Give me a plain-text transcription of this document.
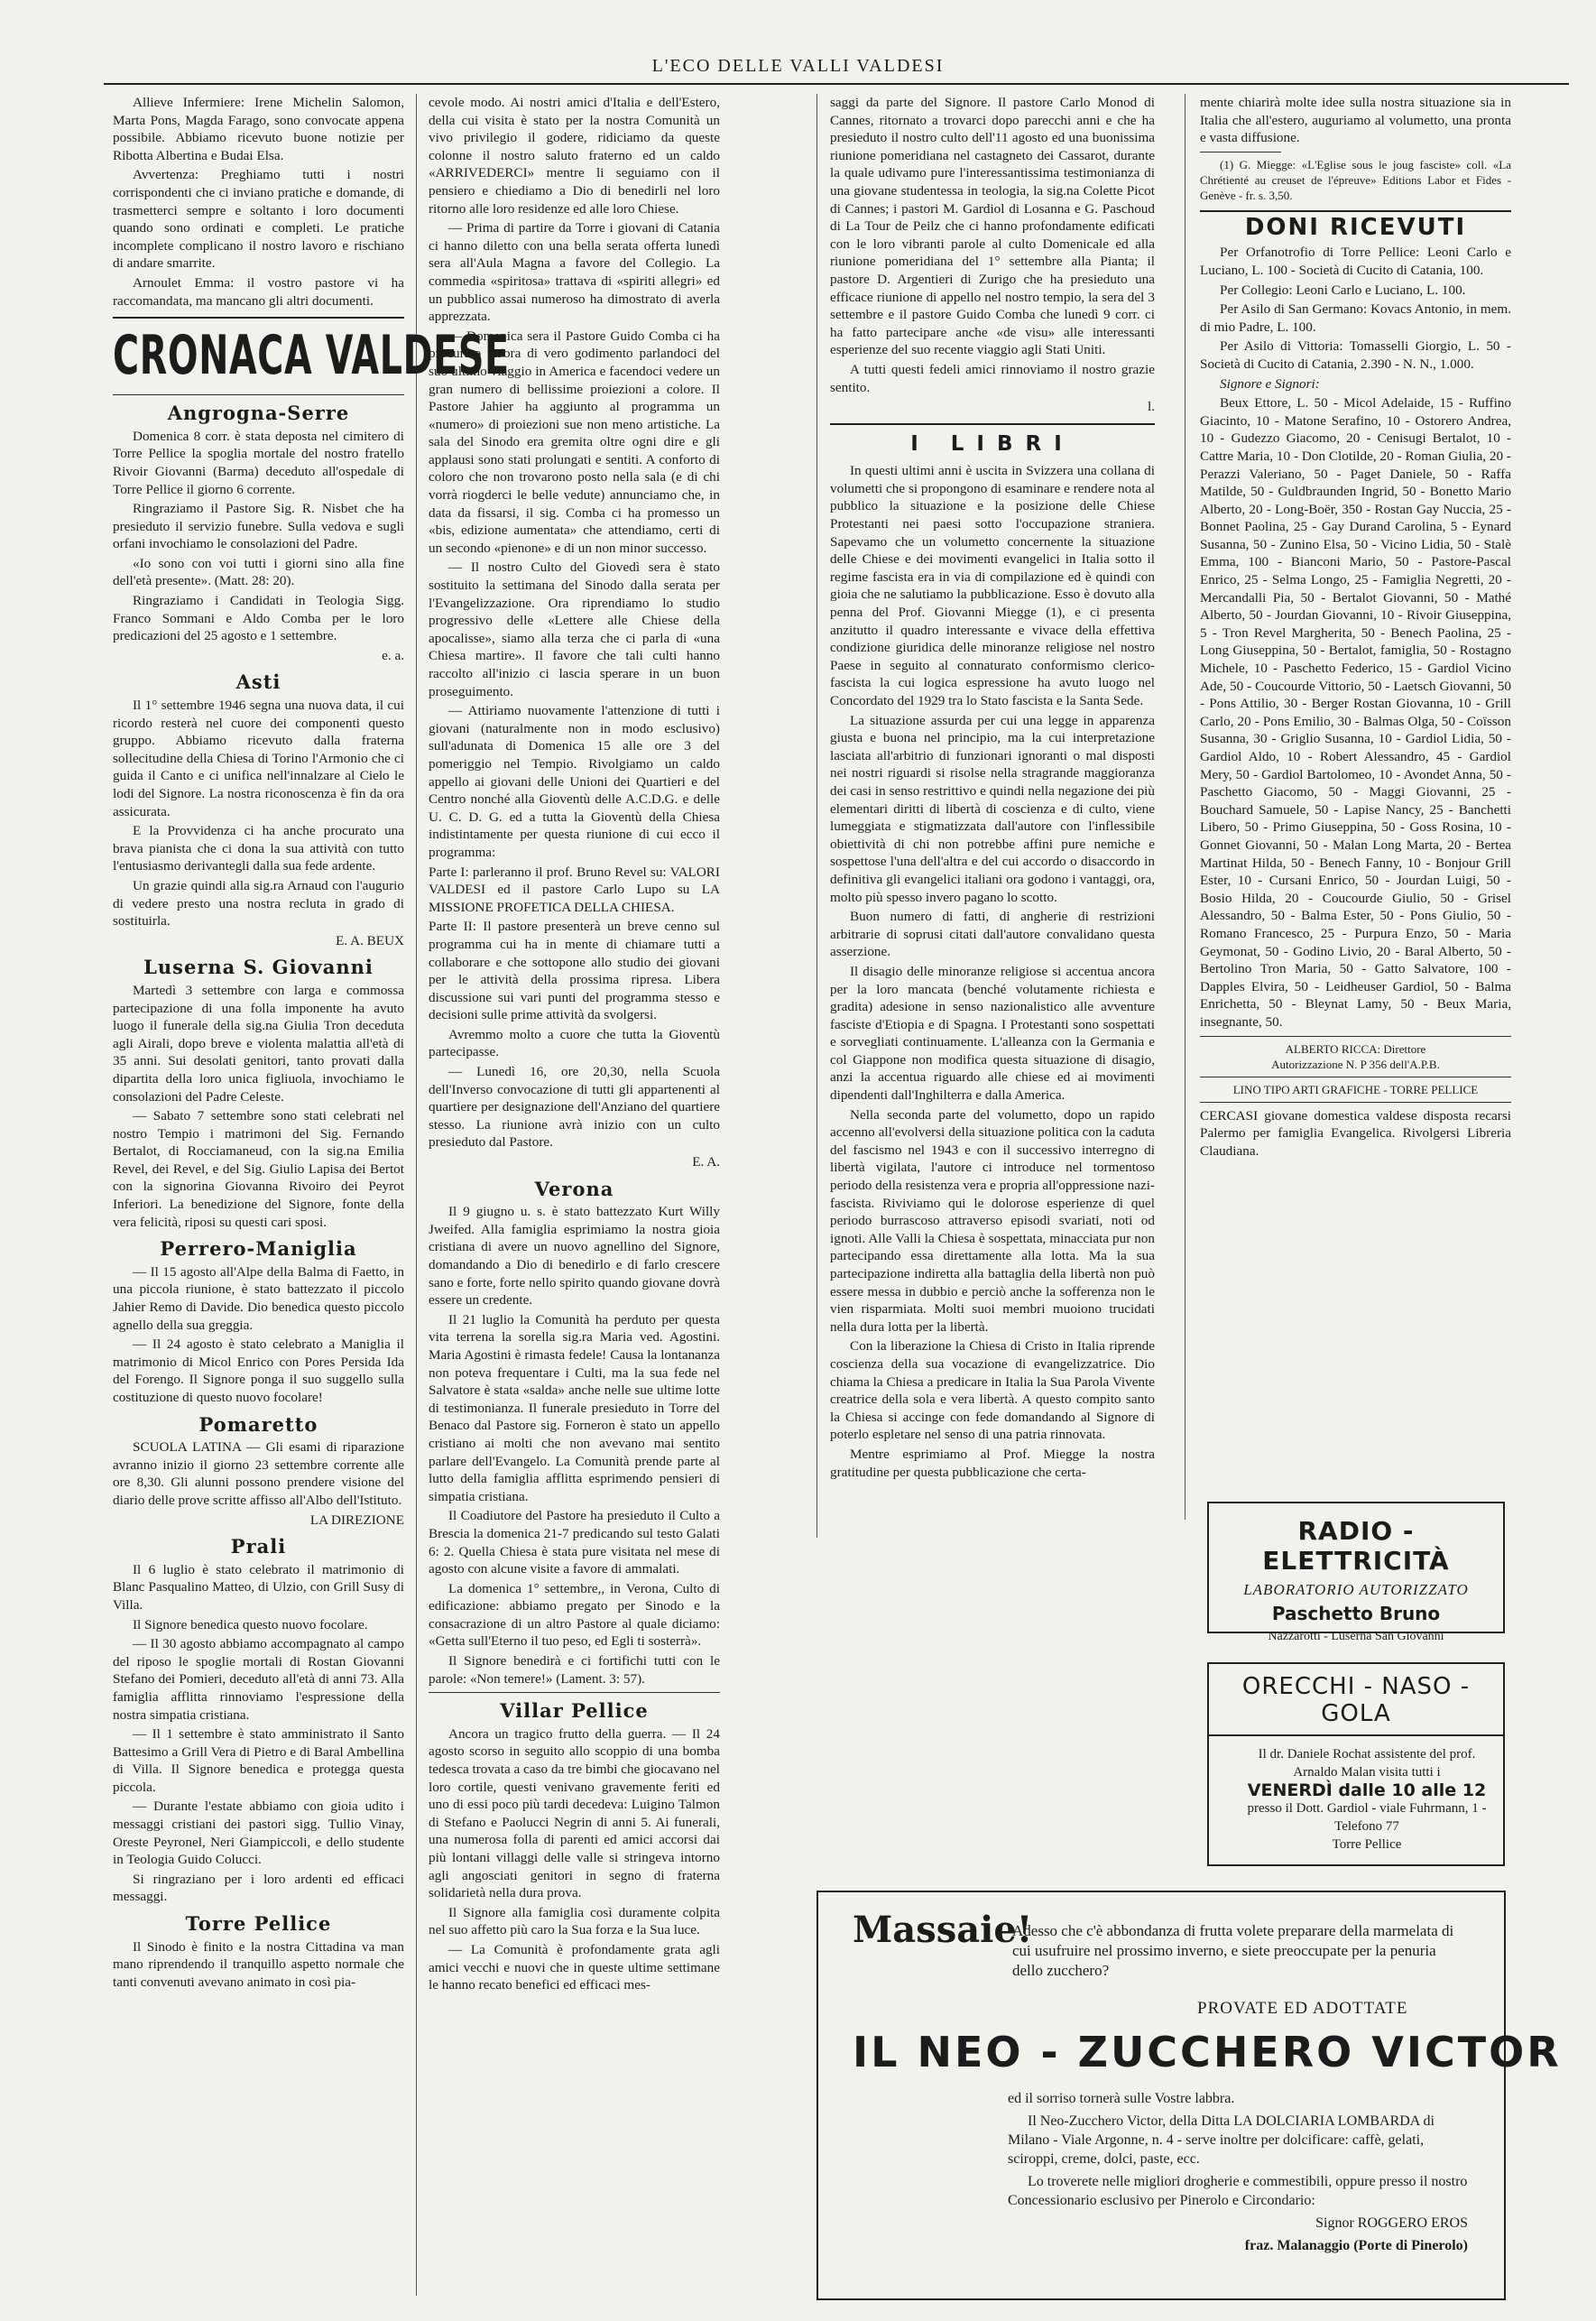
L'ECO DELLE VALLI VALDESI

Allieve Infermiere: Irene Michelin Salomon, Marta Pons, Magda Farago, sono convocate appena possibile. Abbiamo ricevuto buone notizie per Ribotta Albertina e Budai Elsa.

Avvertenza: Preghiamo tutti i nostri corrispondenti che ci inviano pratiche e domande, di trasmetterci sempre e soltanto i loro documenti quando sono ordinati e completi. Le pratiche incomplete complicano il nostro lavoro e rischiano di andare smarrite.

Arnoulet Emma: il vostro pastore vi ha raccomandata, ma mancano gli altri documenti.

CRONACA VALDESE
Angrogna-Serre

Domenica 8 corr. è stata deposta nel cimitero di Torre Pellice la spoglia mortale del nostro fratello Rivoir Giovanni (Barma) deceduto all'ospedale di Torre Pellice il giorno 6 corrente.

Ringraziamo il Pastore Sig. R. Nisbet che ha presieduto il servizio funebre. Sulla vedova e sugli orfani invochiamo le consolazioni del Padre.

«Io sono con voi tutti i giorni sino alla fine dell'età presente». (Matt. 28: 20).

Ringraziamo i Candidati in Teologia Sigg. Franco Sommani e Aldo Comba per le loro predicazioni del 25 agosto e 1 settembre.

e. a.
Asti

Il 1° settembre 1946 segna una nuova data, il cui ricordo resterà nel cuore dei componenti questo gruppo. Abbiamo ricevuto dalla fraterna sollecitudine della Chiesa di Torino l'Armonio che ci guida il Canto e ci unifica nell'innalzare al Cielo le lodi del Signore. La nostra riconoscenza è fin da ora assicurata.

E la Provvidenza ci ha anche procurato una brava pianista che ci dona la sua attività con tutto l'entusiasmo derivantegli dalla sua fede ardente.

Un grazie quindi alla sig.ra Arnaud con l'augurio di vedere presto una nostra recluta in grado di sostituirla.

E. A. BEUX
Luserna S. Giovanni

Martedì 3 settembre con larga e commossa partecipazione di una folla imponente ha avuto luogo il funerale della sig.na Giulia Tron deceduta agli Airali, dopo breve e violenta malattia all'età di 35 anni. Sui desolati genitori, tanto provati dalla dipartita della loro unica figliuola, invochiamo le consolazioni del Padre Celeste.

— Sabato 7 settembre sono stati celebrati nel nostro Tempio i matrimoni del Sig. Fernando Bertalot, di Rocciamaneud, con la sig.na Emilia Revel, dei Revel, e del Sig. Giulio Lapisa dei Bertot con la signorina Giovanna Rivoiro dei Peyrot Inferiori. La benedizione del Signore, fonte della vera felicità, riposi su questi cari sposi.

Perrero-Maniglia

— Il 15 agosto all'Alpe della Balma di Faetto, in una piccola riunione, è stato battezzato il piccolo Jahier Remo di Davide. Dio benedica questo piccolo agnello della sua greggia.

— Il 24 agosto è stato celebrato a Maniglia il matrimonio di Micol Enrico con Pores Persida Ida del Forengo. Il Signore ponga il suo suggello sulla costituzione di questo nuovo focolare!

Pomaretto

SCUOLA LATINA — Gli esami di riparazione avranno inizio il giorno 23 settembre corrente alle ore 8,30. Gli alunni possono prendere visione del diario delle prove scritte affisso all'Albo dell'Istituto.

LA DIREZIONE
Prali

Il 6 luglio è stato celebrato il matrimonio di Blanc Pasqualino Matteo, di Ulzio, con Grill Susy di Villa.

Il Signore benedica questo nuovo focolare.

— Il 30 agosto abbiamo accompagnato al campo del riposo le spoglie mortali di Rostan Giovanni Stefano dei Pomieri, deceduto all'età di anni 73. Alla famiglia afflitta rinnoviamo l'espressione della nostra simpatia cristiana.

— Il 1 settembre è stato amministrato il Santo Battesimo a Grill Vera di Pietro e di Baral Ambellina di Villa. Il Signore benedica e protegga questa piccola.

— Durante l'estate abbiamo con gioia udito i messaggi cristiani dei pastori sigg. Tullio Vinay, Oreste Peyronel, Neri Giampiccoli, e dello studente in Teologia Guido Colucci.

Si ringraziano per i loro ardenti ed efficaci messaggi.

Torre Pellice

Il Sinodo è finito e la nostra Cittadina va man mano riprendendo il tranquillo aspetto normale che tanti convenuti avevano animato in così pia-

cevole modo. Ai nostri amici d'Italia e dell'Estero, della cui visita è stato per la nostra Comunità un vivo privilegio il godere, ridiciamo da queste colonne il nostro saluto fraterno ed un caldo «ARRIVEDERCI» mentre li seguiamo con il pensiero e chiediamo a Dio di benedirli nel loro ritorno alle loro residenze ed alle loro Chiese.

— Prima di partire da Torre i giovani di Catania ci hanno diletto con una bella serata offerta lunedì sera all'Aula Magna a favore del Collegio. La commedia «spiritosa» trattava di «spiriti allegri» ed un pubblico assai numeroso ha dimostrato di averla apprezzata.

— Domenica sera il Pastore Guido Comba ci ha procurato un'ora di vero godimento parlandoci del suo ultimo viaggio in America e facendoci vedere un gran numero di bellissime proiezioni a colore. Il Pastore Jahier ha aggiunto al programma un «numero» di proiezioni sue non meno artistiche. La sala del Sinodo era gremita oltre ogni dire e gli applausi sono stati prolungati e sentiti. A conforto di coloro che non trovarono posto nella sala (e di chi vorrà riogderci le belle vedute) annunciamo che, in data da fissarsi, il sig. Comba ci ha promesso un «bis, edizione aumentata» che attendiamo, certi di un secondo «pienone» e di un non minor successo.

— Il nostro Culto del Giovedì sera è stato sostituito la settimana del Sinodo dalla serata per l'Evangelizzazione. Ora riprendiamo lo studio progressivo delle «Lettere alle Chiese della apocalisse», siamo alla terza che ci parla di «una Chiesa martire». Il favore che tali culti hanno raccolto all'inizio ci lascia sperare in un buon proseguimento.

— Attiriamo nuovamente l'attenzione di tutti i giovani (naturalmente non in modo esclusivo) sull'adunata di Domenica 15 alle ore 3 del pomeriggio nel Tempio. Rivolgiamo un caldo appello ai giovani delle Unioni dei Quartieri e del Centro nonché alla Gioventù delle A.C.D.G. e delle U. C. D. G. ed a tutta la Gioventù della Chiesa indistintamente per questa riunione di cui ecco il programma:

Parte I: parleranno il prof. Bruno Revel su: VALORI VALDESI ed il pastore Carlo Lupo su LA MISSIONE PROFETICA DELLA CHIESA.

Parte II: Il pastore presenterà un breve cenno sul programma cui ha in mente di chiamare tutti a collaborare e che sottopone allo studio dei giovani per le attività della prossima ripresa. Libera discussione sui vari punti del programma stesso e decisioni sulle prime attività da svolgersi.

Avremmo molto a cuore che tutta la Gioventù partecipasse.

— Lunedì 16, ore 20,30, nella Scuola dell'Inverso convocazione di tutti gli appartenenti al quartiere per designazione dell'Anziano del quartiere stesso. La riunione avrà inizio con un culto presieduto dal Pastore.

E. A.
Verona

Il 9 giugno u. s. è stato battezzato Kurt Willy Jweifed. Alla famiglia esprimiamo la nostra gioia cristiana di avere un nuovo agnellino del Signore, domandando a Dio di benedirlo e di farlo crescere sano e forte, forte nello spirito quando giovane dovrà essere un credente.

Il 21 luglio la Comunità ha perduto per questa vita terrena la sorella sig.ra Maria ved. Agostini. Maria Agostini è rimasta fedele! Causa la lontananza non poteva frequentare i Culti, ma la sua fede nel Salvatore è stata «salda» anche nelle sue ultime lotte di testimonianza. Il funerale presieduto in Torre del Benaco dal Pastore sig. Forneron è stato un appello cristiano ai molti che non avevano mai sentito parlare dell'Evangelo. La Comunità prende parte al lutto della famiglia afflitta esprimendo pensieri di simpatia cristiana.

Il Coadiutore del Pastore ha presieduto il Culto a Brescia la domenica 21-7 predicando sul testo Galati 6: 2. Quella Chiesa è stata pure visitata nel mese di agosto con alcune visite a favore di ammalati.

La domenica 1° settembre,, in Verona, Culto di edificazione: abbiamo pregato per Sinodo e la consacrazione di un altro Pastore al quale diciamo: «Getta sull'Eterno il tuo peso, ed Egli ti sosterrà».

Il Signore benedirà e ci fortifichi tutti con le parole: «Non temere!» (Lament. 3: 57).

Villar Pellice

Ancora un tragico frutto della guerra. — Il 24 agosto scorso in seguito allo scoppio di una bomba tedesca trovata a caso da tre bimbi che giocavano nel loro cortile, questi venivano gravemente feriti ed uno di essi poco più tardi decedeva: Luigino Talmon di Stefano e Paolucci Negrin di anni 5. Ai funerali, una numerosa folla di parenti ed amici accorsi dai più lontani villaggi delle valle si stringeva intorno agli angosciati genitori in segno di fraterna solidarietà nella dura prova.

Il Signore alla famiglia così duramente colpita nel suo affetto più caro la Sua forza e la Sua luce.

— La Comunità è profondamente grata agli amici vecchi e nuovi che in queste ultime settimane le hanno recato benefici ed efficaci mes-

saggi da parte del Signore. Il pastore Carlo Monod di Cannes, ritornato a trovarci dopo parecchi anni e che ha presieduto il nostro culto dell'11 agosto ed una buonissima riunione pomeridiana nel castagneto dei Cassarot, durante la quale udivamo pure l'interessantissima testimonianza di una giovane studentessa in teologia, la sig.na Colette Picot di Cannes; i pastori M. Gardiol di Losanna e G. Paschoud di La Tour de Peilz che ci hanno profondamente edificati con le loro vibranti parole al culto Domenicale ed alla riunione pomeridiana del 1° settembre alla Pianta; il pastore D. Argentieri di Zurigo che ha presieduto una efficace riunione di appello nel nostro tempio, la sera del 3 settembre e il pastore Guido Comba che lunedì 9 corr. ci ha fatto partecipare anche «de visu» alle interessanti esperienze del suo recente viaggio agli Stati Uniti.

A tutti questi fedeli amici rinnoviamo il nostro grazie sentito.

l.
I LIBRI

In questi ultimi anni è uscita in Svizzera una collana di volumetti che si propongono di esaminare e rendere nota al pubblico la situazione e la posizione delle Chiese Protestanti nei paesi sotto l'occupazione straniera. Sapevamo che un volumetto concernente la situazione delle Chiese e dei movimenti evangelici in Italia sotto il regime fascista era in via di compilazione ed è quindi con gioia che ne salutiamo la pubblicazione. Esso è dovuto alla penna del Prof. Giovanni Miegge (1), e ci presenta anzitutto il quadro interessante e vivace della effettiva condizione giuridica delle minoranze religiose nel nostro Paese in seguito al connaturato conformismo clerico-fascista la cui logica espressione ha avuto luogo nel Concordato del 1929 tra lo Stato fascista e la Santa Sede.

La situazione assurda per cui una legge in apparenza giusta e buona nel principio, ma la cui interpretazione lasciata all'arbitrio di funzionari ignoranti o mal disposti nei nostri riguardi si risolse nella stragrande maggioranza dei casi in senso restrittivo e quindi nella negazione dei più elementari diritti di libertà di coscienza e di culto, viene lumeggiata e stigmatizzata dall'autore con l'inflessibile obiettività di chi non potrebbe affini pure nemiche e sospettose l'una dell'altra e del cui accordo o disaccordo in definitiva gli evangelici italiani ora godono i vantaggi, ora, molto più spesso invero pagano lo scotto.

Buon numero di fatti, di angherie di restrizioni arbitrarie di soprusi citati dall'autore convalidano questa asserzione.

Il disagio delle minoranze religiose si accentua ancora per la loro mancata (benché volutamente richiesta e gradita) adesione in senso nazionalistico alle avventure fasciste d'Etiopia e di Spagna. I Protestanti sono sospettati e sorvegliati continuamente. L'alleanza con la Germania e col Giappone non modifica questa situazione di disagio, anzi la accentua riguardo alle chiese ed ai movimenti dipendenti dall'Inghilterra e dalla America.

Nella seconda parte del volumetto, dopo un rapido accenno all'evolversi della situazione politica con la caduta del fascismo nel 1943 e con il successivo interregno di libertà vigilata, l'autore ci introduce nel tormentoso periodo della resistenza vera e propria all'oppressione nazi-fascista. Riviviamo qui le dolorose esperienze di quel periodo burrascoso attraverso episodi svariati, noti od ignoti. Alle Valli la Chiesa è sospettata, minacciata pur non partecipando essa direttamente alla lotta. Ma la sua partecipazione indiretta alla battaglia della libertà non può essere messa in dubbio e perciò anche la sofferenza non le vien risparmiata. Molti suoi membri muoiono trucidati nella dura lotta per la libertà.

Con la liberazione la Chiesa di Cristo in Italia riprende coscienza della sua vocazione di evangelizzatrice. Dio chiama la Chiesa a predicare in Italia la Sua Parola Vivente creatrice della sola e vera libertà. A questo compito santo la Chiesa si accinge con fede domandando al Signore di poterlo espletare nel senso di una patria rinnovata.

Mentre esprimiamo al Prof. Miegge la nostra gratitudine per questa pubblicazione che certa-

mente chiarirà molte idee sulla nostra situazione sia in Italia che all'estero, auguriamo al volumetto, una pronta e vasta diffusione.

(1) G. Miegge: «L'Eglise sous le joug fasciste» coll. «La Chrétienté au creuset de l'épreuve» Editions Labor et Fides - Genève - fr. s. 3,50.

DONI RICEVUTI

Per Orfanotrofio di Torre Pellice: Leoni Carlo e Luciano, L. 100 - Società di Cucito di Catania, 100.

Per Collegio: Leoni Carlo e Luciano, L. 100.

Per Asilo di San Germano: Kovacs Antonio, in mem. di mio Padre, L. 100.

Per Asilo di Vittoria: Tomasselli Giorgio, L. 50 - Società di Cucito di Catania, 2.390 - N. N., 1.000.

Signore e Signori:

Beux Ettore, L. 50 - Micol Adelaide, 15 - Ruffino Giacinto, 10 - Matone Serafino, 10 - Ostorero Andrea, 10 - Gudezzo Giacomo, 20 - Cenisugi Bertalot, 10 - Cattre Maria, 10 - Don Clotilde, 20 - Roman Giulia, 20 - Perazzi Valeriano, 50 - Paget Daniele, 50 - Raffa Matilde, 50 - Guldbraunden Ingrid, 50 - Bonetto Mario Alberto, 20 - Long-Boër, 350 - Rostan Gay Nuccia, 25 - Bonnet Paolina, 25 - Gay Durand Carolina, 5 - Eynard Susanna, 50 - Zunino Elsa, 50 - Vicino Lidia, 50 - Stalè Emma, 100 - Bianconi Mario, 50 - Pastore-Pascal Enrico, 25 - Selma Longo, 25 - Famiglia Negretti, 20 - Mercandalli Pia, 50 - Bertalot Giovanni, 50 - Mathé Alberto, 50 - Jourdan Giovanni, 10 - Rivoir Giuseppina, 5 - Tron Revel Margherita, 50 - Benech Paolina, 25 - Long Giuseppina, 50 - Bertalot, famiglia, 50 - Rostagno Michele, 10 - Paschetto Federico, 15 - Gardiol Vicino Ade, 50 - Coucourde Vittorio, 50 - Laetsch Giovanni, 50 - Pons Attilio, 30 - Berger Rostan Giovanna, 10 - Grill Carlo, 20 - Pons Emilio, 30 - Balmas Olga, 50 - Coïsson Susanna, 30 - Griglio Susanna, 10 - Gardiol Lidia, 50 - Gardiol Aldo, 10 - Robert Alessandro, 45 - Gardiol Mery, 50 - Gardiol Bartolomeo, 10 - Avondet Anna, 50 - Paschetto Giacomo, 50 - Maggi Giovanni, 25 - Bouchard Samuele, 50 - Lapise Nancy, 25 - Banchetti Libero, 50 - Primo Giuseppina, 50 - Goss Rosina, 10 - Gonnet Giovanni, 50 - Malan Long Marta, 20 - Bertea Martinat Hilda, 50 - Benech Fanny, 10 - Bonjour Grill Ester, 10 - Cursani Enrico, 50 - Jourdan Luigi, 50 - Bosio Hilda, 20 - Coucourde Giulio, 50 - Grisel Alessandro, 50 - Balma Ester, 50 - Pons Giulio, 50 - Romano Francesco, 25 - Purpura Enzo, 50 - Maria Geymonat, 50 - Godino Livio, 20 - Baral Alberto, 50 - Bertolino Tron Maria, 50 - Gatto Salvatore, 100 - Dapples Elvira, 50 - Leidheuser Gardiol, 50 - Balma Enrichetta, 50 - Bleynat Lamy, 50 - Beux Maria, insegnante, 50.

ALBERTO RICCA: Direttore
Autorizzazione N. P 356 dell'A.P.B.
LINO TIPO ARTI GRAFICHE - TORRE PELLICE

CERCASI giovane domestica valdese disposta recarsi Palermo per famiglia Evangelica. Rivolgersi Libreria Claudiana.

RADIO - ELETTRICITÀ
LABORATORIO AUTORIZZATO
Paschetto Bruno
Nazzarotti - Luserna San Giovanni
ORECCHI - NASO - GOLA
Il dr. Daniele Rochat assistente del prof. Arnaldo Malan visita tutti i
VENERDÌ dalle 10 alle 12
presso il Dott. Gardiol - viale Fuhrmann, 1 - Telefono 77
Torre Pellice
Massaie!
Adesso che c'è abbondanza di frutta volete preparare della marmelata di cui usufruire nel prossimo inverno, e siete preoccupate per la penuria dello zucchero?
PROVATE ED ADOTTATE
IL NEO - ZUCCHERO VICTOR

ed il sorriso tornerà sulle Vostre labbra.

Il Neo-Zucchero Victor, della Ditta LA DOLCIARIA LOMBARDA di Milano - Viale Argonne, n. 4 - serve inoltre per dolcificare: caffè, gelati, sciroppi, creme, dolci, paste, ecc.

Lo troverete nelle migliori drogherie e commestibili, oppure presso il nostro Concessionario esclusivo per Pinerolo e Circondario:

Signor ROGGERO EROS

fraz. Malanaggio (Porte di Pinerolo)
